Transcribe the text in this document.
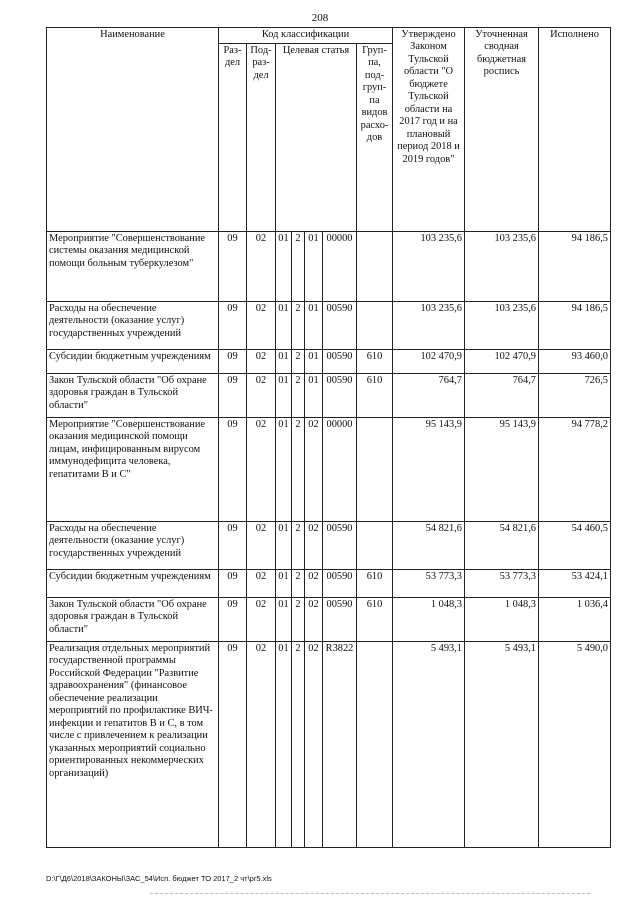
208
Наименование	Код классификации							Утверждено Законом Тульской области "О бюджете Тульской области на 2017 год и на плановый период 2018 и 2019 годов"	Уточненная сводная бюджетная роспись	Исполнено
	Раз-дел	Под-раз-дел	Целевая статья				Груп-па, под-груп-па видов расхо-дов			
Мероприятие "Совершенствование системы оказания медицинской помощи больным туберкулезом"	09	02	01	2	01	00000		103 235,6	103 235,6	94 186,5
Расходы на обеспечение деятельности (оказание услуг) государственных учреждений	09	02	01	2	01	00590		103 235,6	103 235,6	94 186,5
Субсидии бюджетным учреждениям	09	02	01	2	01	00590	610	102 470,9	102 470,9	93 460,0
Закон Тульской области "Об охране здоровья граждан в Тульской области"	09	02	01	2	01	00590	610	764,7	764,7	726,5
Мероприятие "Совершенствование оказания медицинской помощи лицам, инфицированным вирусом иммунодефицита человека, гепатитами В и С"	09	02	01	2	02	00000		95 143,9	95 143,9	94 778,2
Расходы на обеспечение деятельности (оказание услуг) государственных учреждений	09	02	01	2	02	00590		54 821,6	54 821,6	54 460,5
Субсидии бюджетным учреждениям	09	02	01	2	02	00590	610	53 773,3	53 773,3	53 424,1
Закон Тульской области "Об охране здоровья граждан в Тульской области"	09	02	01	2	02	00590	610	1 048,3	1 048,3	1 036,4
Реализация отдельных мероприятий государственной программы Российской Федерации "Развитие здравоохранения" (финансовое обеспечение реализации мероприятий по профилактике ВИЧ-инфекции и гепатитов В и С, в том числе с привлечением к реализации указанных мероприятий социально ориентированных некоммерческих организаций)	09	02	01	2	02	R3822		5 493,1	5 493,1	5 490,0
D:\Г\Д6\2018\ЗАКОНЫ\ЗАС_54\Исп. бюджет ТО 2017_2 чт\pr5.xls
